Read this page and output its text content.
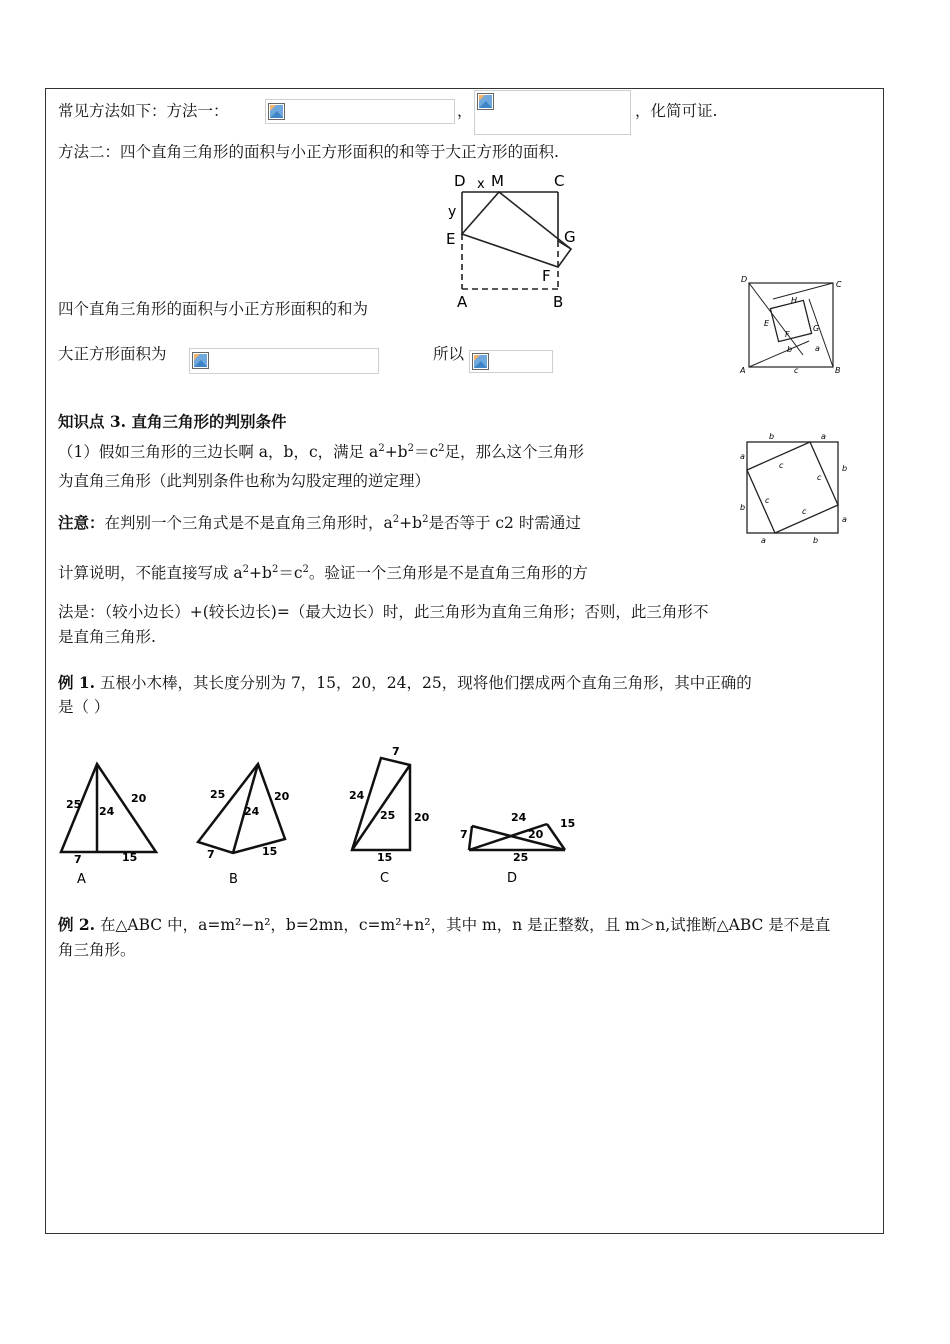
常见方法如下：方法一：	，	，化简可证.
方法二：四个直角三角形的面积与小正方形面积的和等于大正方形的面积.
D x M	C
y
E	G
F
A	B
四个直角三角形的面积与小正方形面积的和为
D
C
H
E
F
G
b	a
A	c	B
大正方形面积为	所以
知识点 3. 直角三角形的判别条件
（1）假如三角形的三边长啊 a，b，c，满足 $a^2+b^2=c^2$足，那么这个三角形
为直角三角形（此判别条件也称为勾股定理的逆定理）
b	a
a
b
c
c
c
c
b
a
a	b
注意：在判别一个三角式是不是直角三角形时，$a^2+b^2$是否等于 c2 时需通过
计算说明，不能直接写成 $a^2+b^2=c^2$。验证一个三角形是不是直角三角形的方
法是：（较小边长）+(较长边长)=（最大边长）时，此三角形为直角三角形；否则，此三角形不
是直角三角形.
例 1. 五根小木棒，其长度分别为 7，15，20，24，25，现将他们摆成两个直角三角形，其中正确的
是（ ）
25
24
20
7	15
A
25
24
20
7	15
B
7
24
25 20
15
C
24	15
7	20
25
D
例 2. 在△ABC 中，a=m²−n²，b=2mn，c=m²+n²，其中 m，n 是正整数，且 m＞n,试推断△ABC 是不是直
角三角形。
